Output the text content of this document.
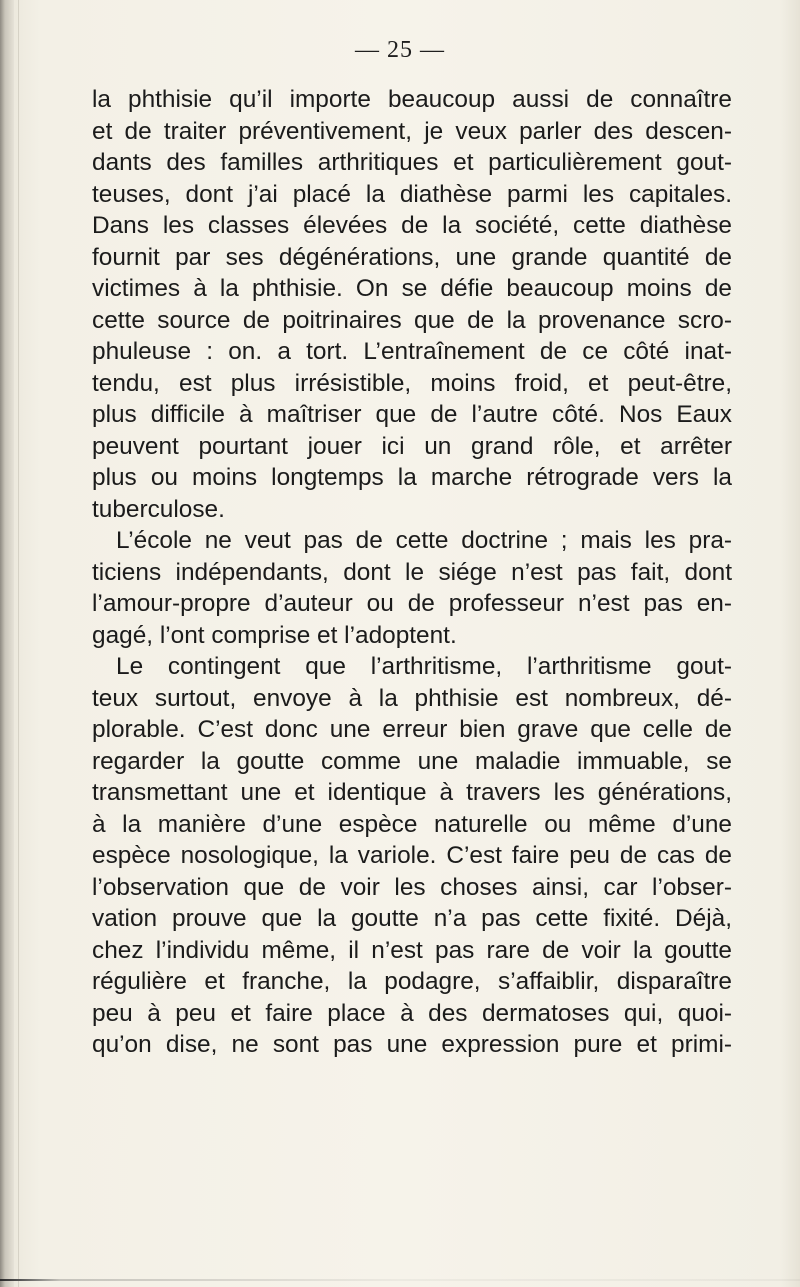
— 25 —
la phthisie qu’il importe beaucoup aussi de connaître
et de traiter préventivement, je veux parler des descen-
dants des familles arthritiques et particulièrement gout-
teuses, dont j’ai placé la diathèse parmi les capitales.
Dans les classes élevées de la société, cette diathèse
fournit par ses dégénérations, une grande quantité de
victimes à la phthisie. On se défie beaucoup moins de
cette source de poitrinaires que de la provenance scro-
phuleuse : on. a tort. L’entraînement de ce côté inat-
tendu, est plus irrésistible, moins froid, et peut-être,
plus difficile à maîtriser que de l’autre côté. Nos Eaux
peuvent pourtant jouer ici un grand rôle, et arrêter
plus ou moins longtemps la marche rétrograde vers la
tuberculose.
L’école ne veut pas de cette doctrine ; mais les pra-
ticiens indépendants, dont le siége n’est pas fait, dont
l’amour-propre d’auteur ou de professeur n’est pas en-
gagé, l’ont comprise et l’adoptent.
Le contingent que l’arthritisme, l’arthritisme gout-
teux surtout, envoye à la phthisie est nombreux, dé-
plorable. C’est donc une erreur bien grave que celle de
regarder la goutte comme une maladie immuable, se
transmettant une et identique à travers les générations,
à la manière d’une espèce naturelle ou même d’une
espèce nosologique, la variole. C’est faire peu de cas de
l’observation que de voir les choses ainsi, car l’obser-
vation prouve que la goutte n’a pas cette fixité. Déjà,
chez l’individu même, il n’est pas rare de voir la goutte
régulière et franche, la podagre, s’affaiblir, disparaître
peu à peu et faire place à des dermatoses qui, quoi-
qu’on dise, ne sont pas une expression pure et primi-
